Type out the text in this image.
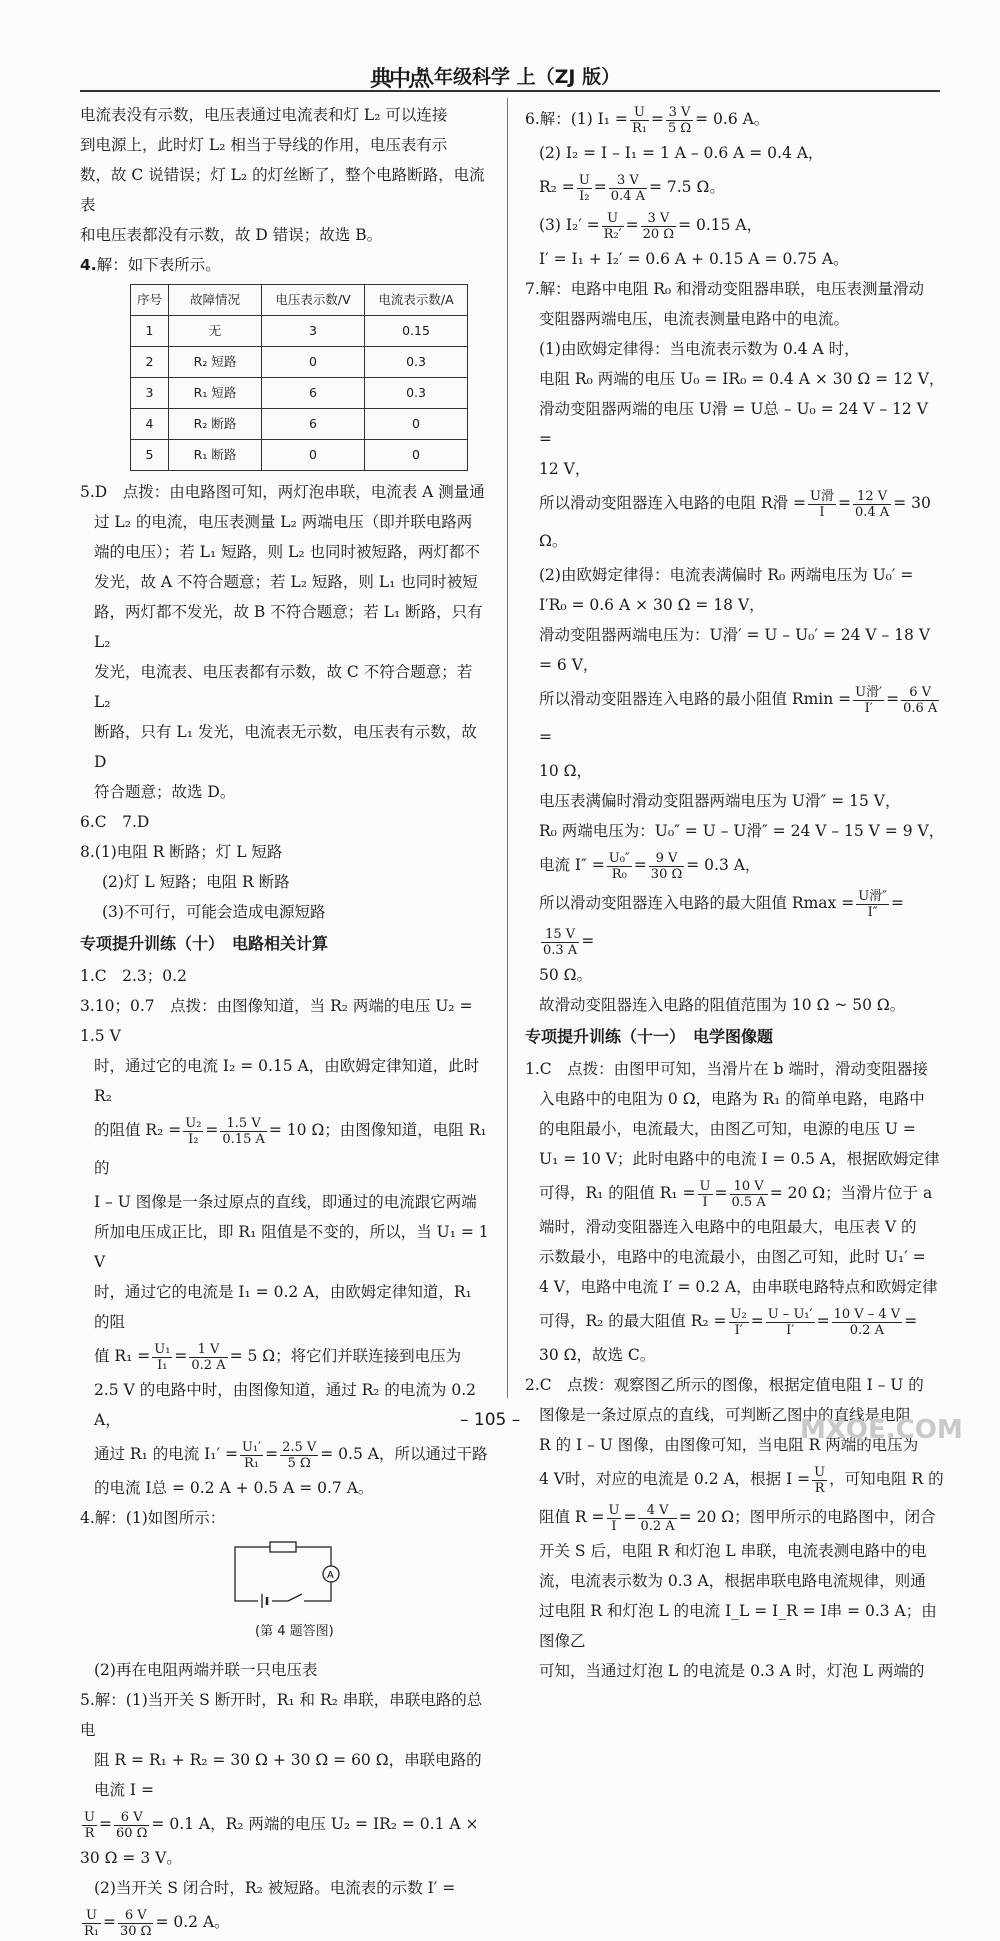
典中点
八年级科学 上（ZJ 版）

电流表没有示数，电压表通过电流表和灯 L₂ 可以连接

到电源上，此时灯 L₂ 相当于导线的作用，电压表有示

数，故 C 说错误；灯 L₂ 的灯丝断了，整个电路断路，电流表

和电压表都没有示数，故 D 错误；故选 B。

4.解：如下表所示。

序号	故障情况	电压表示数/V	电流表示数/A
1	无	3	0.15
2	R₂ 短路	0	0.3
3	R₁ 短路	6	0.3
4	R₂ 断路	6	0
5	R₁ 断路	0	0

5.D　点拨：由电路图可知，两灯泡串联，电流表 A 测量通

过 L₂ 的电流，电压表测量 L₂ 两端电压（即并联电路两

端的电压）；若 L₁ 短路，则 L₂ 也同时被短路，两灯都不

发光，故 A 不符合题意；若 L₂ 短路，则 L₁ 也同时被短

路，两灯都不发光，故 B 不符合题意；若 L₁ 断路，只有 L₂

发光，电流表、电压表都有示数，故 C 不符合题意；若 L₂

断路，只有 L₁ 发光，电流表无示数，电压表有示数，故 D

符合题意；故选 D。

6.C　7.D

8.(1)电阻 R 断路；灯 L 短路

(2)灯 L 短路；电阻 R 断路

(3)不可行，可能会造成电源短路

专项提升训练（十）　电路相关计算

1.C　2.3；0.2

3.10；0.7　点拨：由图像知道，当 R₂ 两端的电压 U₂ = 1.5 V

时，通过它的电流 I₂ = 0.15 A，由欧姆定律知道，此时 R₂

的阻值 $R_2 = \frac{\text{U₂}}{\text{I₂}} = \frac{1.5 V}{0.15 A} = 10$ Ω；由图像知道，电阻 R₁ 的

I – U 图像是一条过原点的直线，即通过的电流跟它两端

所加电压成正比，即 R₁ 阻值是不变的，所以，当 U₁ = 1 V

时，通过它的电流是 I₁ = 0.2 A，由欧姆定律知道，R₁ 的阻

值 $R_1 = \frac{\text{U₁}}{\text{I₁}} = \frac{1 V}{0.2 A} = 5$ Ω；将它们并联连接到电压为

2.5 V 的电路中时，由图像知道，通过 R₂ 的电流为 0.2 A，

通过 R₁ 的电流 $I_1' = \frac{\text{U₁′}}{\text{R₁}} = \frac{2.5 V}{5 \Omega} = 0.5$ A，所以通过干路

的电流 I总 = 0.2 A + 0.5 A = 0.7 A。

4.解：(1)如图所示：

A

(第 4 题答图)

(2)再在电阻两端并联一只电压表

5.解：(1)当开关 S 断开时，R₁ 和 R₂ 串联，串联电路的总电

阻 R = R₁ + R₂ = 30 Ω + 30 Ω = 60 Ω，串联电路的电流 I =

$\frac{U}{R} = \frac{6 V}{60 \Omega} = 0.1$ A，R₂ 两端的电压 U₂ = IR₂ = 0.1 A ×

30 Ω = 3 V。

(2)当开关 S 闭合时，R₂ 被短路。电流表的示数 I′ =

$\frac{U}{\text{R₁}} = \frac{6 V}{30 \Omega} = 0.2$ A。

6.解：(1) $I_1 = \frac{U}{\text{R₁}} = \frac{3 V}{5 \Omega} = 0.6$ A。

(2) I₂ = I – I₁ = 1 A – 0.6 A = 0.4 A，

$R_2 = \frac{U}{\text{I₂}} = \frac{3 V}{0.4 A} = 7.5$ Ω。

(3) $I_2' = \frac{U}{\text{R₂′}} = \frac{3 V}{20 \Omega} = 0.15$ A，

I′ = I₁ + I₂′ = 0.6 A + 0.15 A = 0.75 A。

7.解：电路中电阻 R₀ 和滑动变阻器串联，电压表测量滑动

变阻器两端电压，电流表测量电路中的电流。

(1)由欧姆定律得：当电流表示数为 0.4 A 时，

电阻 R₀ 两端的电压 U₀ = IR₀ = 0.4 A × 30 Ω = 12 V，

滑动变阻器两端的电压 U滑 = U总 – U₀ = 24 V – 12 V =

12 V，

所以滑动变阻器连入电路的电阻 R滑 = $\frac{\text{U滑}}{I} = \frac{12 V}{0.4 A} = 30$ Ω。

(2)由欧姆定律得：电流表满偏时 R₀ 两端电压为 U₀′ =

I′R₀ = 0.6 A × 30 Ω = 18 V，

滑动变阻器两端电压为：U滑′ = U – U₀′ = 24 V – 18 V = 6 V，

所以滑动变阻器连入电路的最小阻值 $Rmin = \frac{\text{U滑′}}{I'} = \frac{6 V}{0.6 A}$
=

10 Ω，

电压表满偏时滑动变阻器两端电压为 U滑″ = 15 V，

R₀ 两端电压为：U₀″ = U – U滑″ = 24 V – 15 V = 9 V，

电流 $I'' = \frac{\text{U₀″}}{\text{R₀}} = \frac{9 V}{30 \Omega} = 0.3$ A，

所以滑动变阻器连入电路的最大阻值 $Rmax = \frac{\text{U滑″}}{I''}$ =
$\frac{15 V}{0.3 A}$ =

50 Ω。

故滑动变阻器连入电路的阻值范围为 10 Ω ~ 50 Ω。

专项提升训练（十一）　电学图像题

1.C　点拨：由图甲可知，当滑片在 b 端时，滑动变阻器接

入电路中的电阻为 0 Ω，电路为 R₁ 的简单电路，电路中

的电阻最小，电流最大，由图乙可知，电源的电压 U =

U₁ = 10 V；此时电路中的电流 I = 0.5 A，根据欧姆定律

可得，R₁ 的阻值 $R_1 = \frac{U}{I} = \frac{10 V}{0.5 A} = 20$ Ω；当滑片位于 a

端时，滑动变阻器连入电路中的电阻最大，电压表 V 的

示数最小，电路中的电流最小，由图乙可知，此时 U₁′ =

4 V，电路中电流 I′ = 0.2 A，由串联电路特点和欧姆定律

可得，R₂ 的最大阻值 $R_2 = \frac{\text{U₂}}{I'} = \frac{\text{U – U₁′}}{I'} = \frac{10 V - 4 V}{0.2 A}$ =

30 Ω，故选 C。

2.C　点拨：观察图乙所示的图像，根据定值电阻 I – U 的

图像是一条过原点的直线，可判断乙图中的直线是电阻

R 的 I – U 图像，由图像可知，当电阻 R 两端的电压为

4 V时，对应的电流是 0.2 A，根据 $I = \frac{U}{R}$ ，可知电阻 R 的

阻值 $R = \frac{U}{I} = \frac{4 V}{0.2 A} = 20$ Ω；图甲所示的电路图中，闭合

开关 S 后，电阻 R 和灯泡 L 串联，电流表测电路中的电

流，电流表示数为 0.3 A，根据串联电路电流规律，则通

过电阻 R 和灯泡 L 的电流 I_L = I_R = I串 = 0.3 A；由图像乙

可知，当通过灯泡 L 的电流是 0.3 A 时，灯泡 L 两端的

– 105 –	MXQE.COM
